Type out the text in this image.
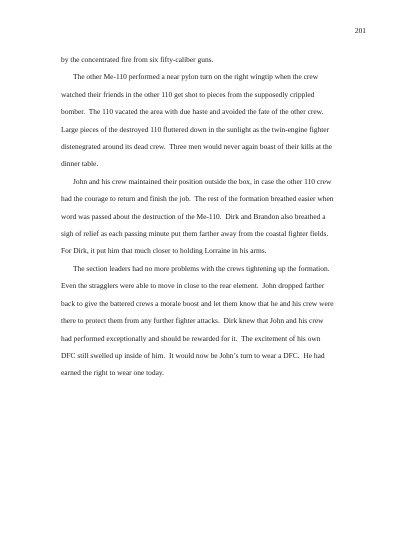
201

by the concentrated fire from six fifty-caliber guns.
The other Me-110 performed a near pylon turn on the right wingtip when the crew
watched their friends in the other 110 get shot to pieces from the supposedly crippled
bomber.  The 110 vacated the area with due haste and avoided the fate of the other crew.
Large pieces of the destroyed 110 fluttered down in the sunlight as the twin-engine fighter
distenegrated around its dead crew.  Three men would never again boast of their kills at the
dinner table.
John and his crew maintained their position outside the box, in case the other 110 crew
had the courage to return and finish the job.  The rest of the formation breathed easier when
word was passed about the destruction of the Me-110.  Dirk and Brandon also breathed a
sigh of relief as each passing minute put them farther away from the coastal fighter fields.
For Dirk, it put him that much closer to holding Lorraine in his arms.
The section leaders had no more problems with the crews tightening up the formation.
Even the stragglers were able to move in close to the rear element.  John dropped farther
back to give the battered crews a morale boost and let them know that he and his crew were
there to protect them from any further fighter attacks.  Dirk knew that John and his crew
had performed exceptionally and should be rewarded for it.  The excitement of his own
DFC still swelled up inside of him.  It would now be John’s turn to wear a DFC.  He had
earned the right to wear one today.
